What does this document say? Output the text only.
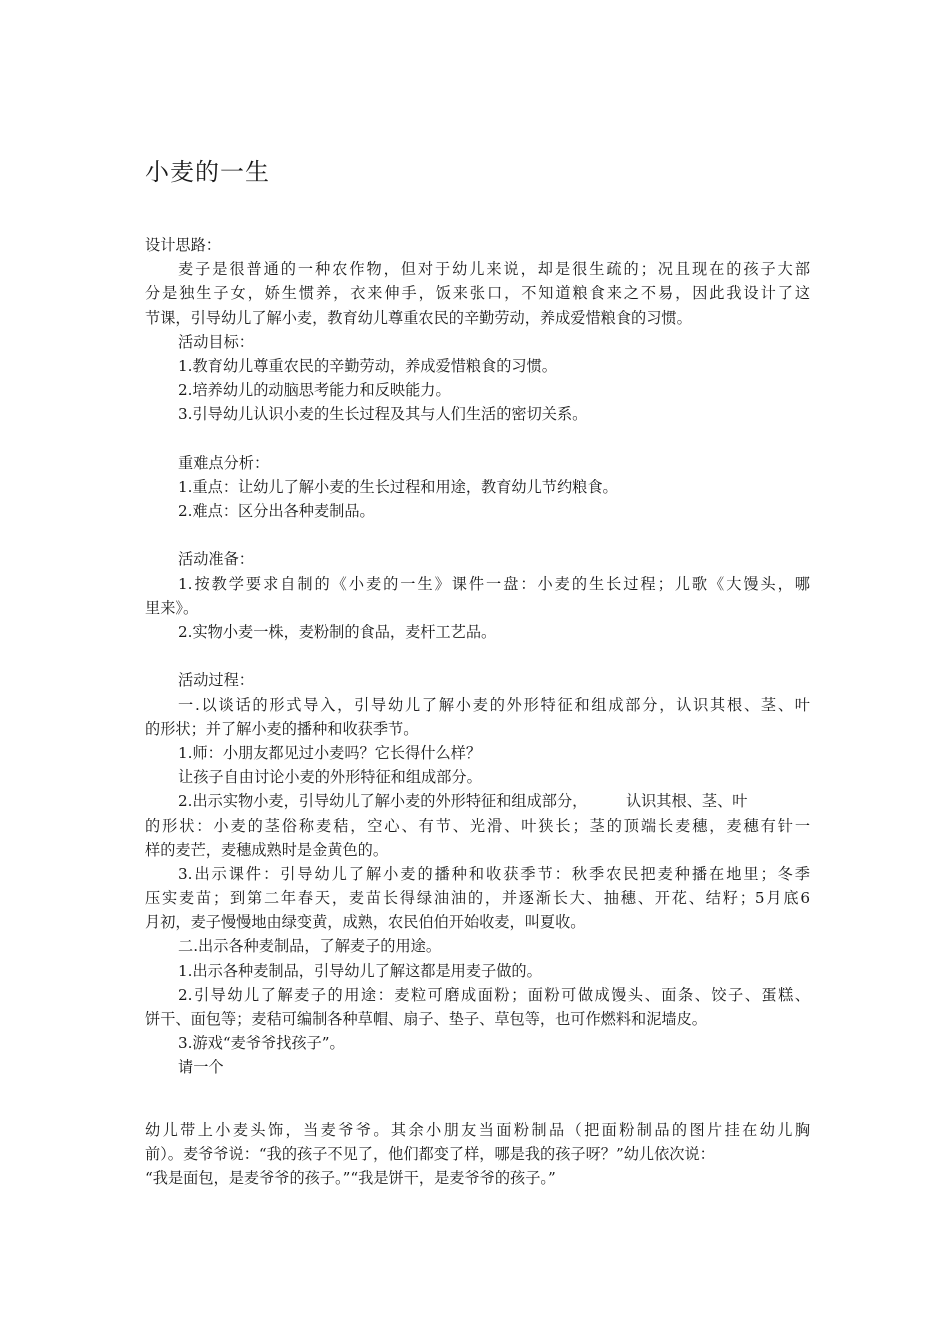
小麦的一生
设计思路：
麦子是很普通的一种农作物，但对于幼儿来说，却是很生疏的；况且现在的孩子大部
分是独生子女，娇生惯养，衣来伸手，饭来张口，不知道粮食来之不易，因此我设计了这
节课，引导幼儿了解小麦，教育幼儿尊重农民的辛勤劳动，养成爱惜粮食的习惯。
活动目标：
1.教育幼儿尊重农民的辛勤劳动，养成爱惜粮食的习惯。
2.培养幼儿的动脑思考能力和反映能力。
3.引导幼儿认识小麦的生长过程及其与人们生活的密切关系。
重难点分析：
1.重点：让幼儿了解小麦的生长过程和用途，教育幼儿节约粮食。
2.难点：区分出各种麦制品。
活动准备：
1.按教学要求自制的《小麦的一生》课件一盘：小麦的生长过程；儿歌《大馒头，哪
里来》。
2.实物小麦一株，麦粉制的食品，麦杆工艺品。
活动过程：
一.以谈话的形式导入，引导幼儿了解小麦的外形特征和组成部分，认识其根、茎、叶
的形状；并了解小麦的播种和收获季节。
1.师：小朋友都见过小麦吗？它长得什么样？
让孩子自由讨论小麦的外形特征和组成部分。
2.出示实物小麦，引导幼儿了解小麦的外形特征和组成部分，        认识其根、茎、叶
的形状：小麦的茎俗称麦秸，空心、有节、光滑、叶狭长；茎的顶端长麦穗，麦穗有针一
样的麦芒，麦穗成熟时是金黄色的。
3.出示课件：引导幼儿了解小麦的播种和收获季节：秋季农民把麦种播在地里；冬季
压实麦苗；到第二年春天，麦苗长得绿油油的，并逐渐长大、抽穗、开花、结籽；5月底6
月初，麦子慢慢地由绿变黄，成熟，农民伯伯开始收麦，叫夏收。
二.出示各种麦制品，了解麦子的用途。
1.出示各种麦制品，引导幼儿了解这都是用麦子做的。
2.引导幼儿了解麦子的用途：麦粒可磨成面粉；面粉可做成馒头、面条、饺子、蛋糕、
饼干、面包等；麦秸可编制各种草帽、扇子、垫子、草包等，也可作燃料和泥墙皮。
3.游戏“麦爷爷找孩子”。
请一个
幼儿带上小麦头饰，当麦爷爷。其余小朋友当面粉制品（把面粉制品的图片挂在幼儿胸
前）。麦爷爷说：“我的孩子不见了，他们都变了样，哪是我的孩子呀？”幼儿依次说：
“我是面包，是麦爷爷的孩子。”“我是饼干，是麦爷爷的孩子。”
